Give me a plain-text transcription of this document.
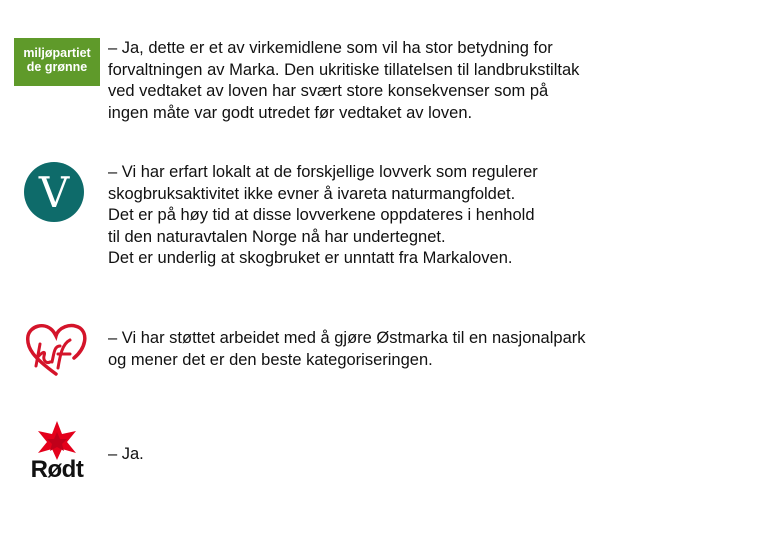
miljøpartiet
de grønne

– Ja, dette er et av virkemidlene som vil ha stor betydning for
forvaltningen av Marka. Den ukritiske tillatelsen til landbrukstiltak
ved vedtaket av loven har svært store konsekvenser som på
ingen måte var godt utredet før vedtaket av loven.

V – Vi har erfart lokalt at de forskjellige lovverk som regulerer
skogbruksaktivitet ikke evner å ivareta naturmangfoldet.
Det er på høy tid at disse lovverkene oppdateres i henhold
til den naturavtalen Norge nå har undertegnet.
Det er underlig at skogbruket er unntatt fra Markaloven.

– Vi har støttet arbeidet med å gjøre Østmarka til en nasjonalpark
og mener det er den beste kategoriseringen.

Rødt

– Ja.
